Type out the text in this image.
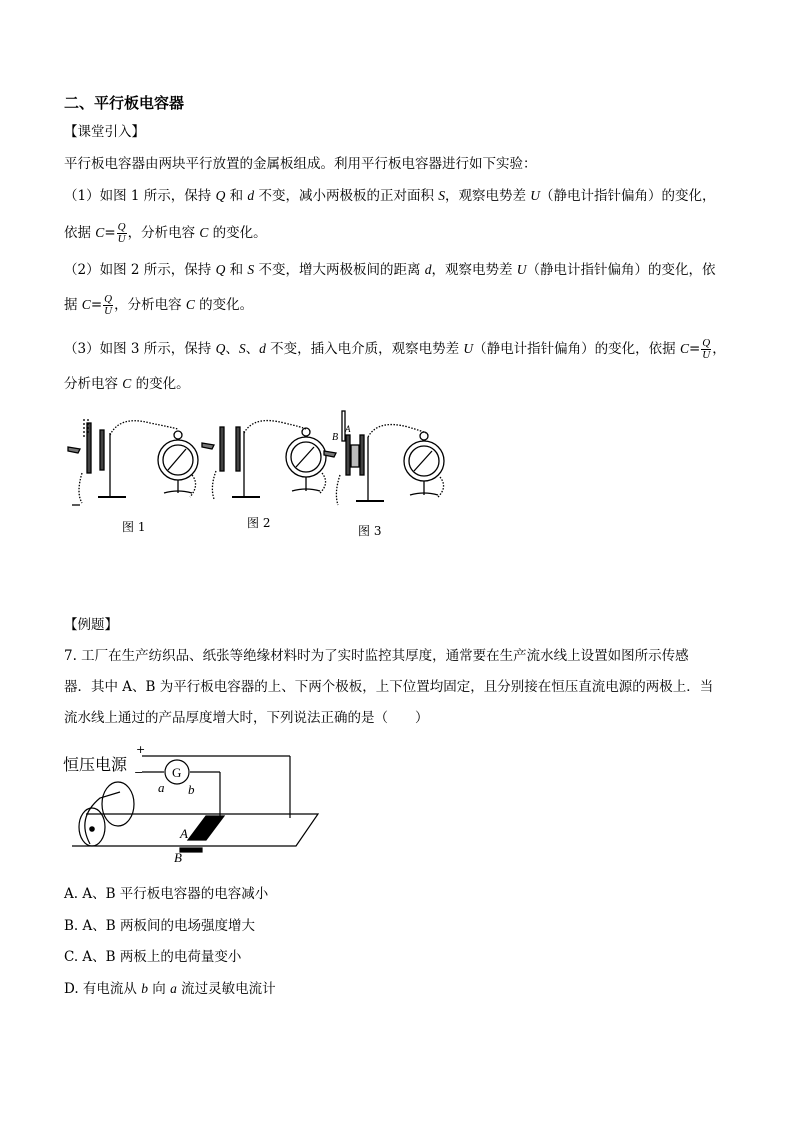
二、平行板电容器
【课堂引入】
平行板电容器由两块平行放置的金属板组成。利用平行板电容器进行如下实验：
（1）如图 1 所示，保持 Q 和 d 不变，减小两极板的正对面积 S，观察电势差 U（静电计指针偏角）的变化，
依据 $C= \frac{Q}{U}$ ，分析电容 C 的变化。
（2）如图 2 所示，保持 Q 和 S 不变，增大两极板间的距离 d，观察电势差 U（静电计指针偏角）的变化，依
据 $C= \frac{Q}{U}$ ，分析电容 C 的变化。
（3）如图 3 所示，保持 Q、S、d 不变，插入电介质，观察电势差 U（静电计指针偏角）的变化，依据 $C= \frac{Q}{U}$ ，
分析电容 C 的变化。
B
A
图 1	图 2
图 3
【例题】
7. 工厂在生产纺织品、纸张等绝缘材料时为了实时监控其厚度，通常要在生产流水线上设置如图所示传感
器．其中 A、B 为平行板电容器的上、下两个极板，上下位置均固定，且分别接在恒压直流电源的两极上．当
流水线上通过的产品厚度增大时，下列说法正确的是（　　）
恒压电源
+
− G
a b
A
B
A. A、B 平行板电容器的电容减小
B. A、B 两板间的电场强度增大
C. A、B 两板上的电荷量变小
D. 有电流从 b 向 a 流过灵敏电流计
